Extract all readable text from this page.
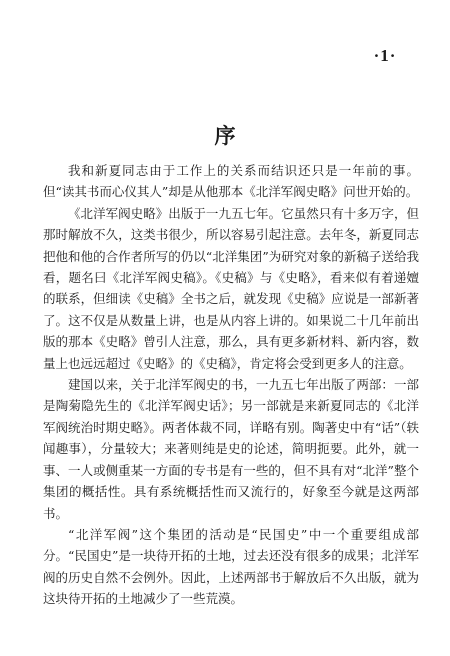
·1·
序

我和新夏同志由于工作上的关系而结识还只是一年前的事。但“读其书而心仪其人”却是从他那本《北洋军阀史略》问世开始的。

《北洋军阀史略》出版于一九五七年。它虽然只有十多万字，但那时解放不久，这类书很少，所以容易引起注意。去年冬，新夏同志把他和他的合作者所写的仍以“北洋集团”为研究对象的新稿子送给我看，题名曰《北洋军阀史稿》。《史稿》与《史略》，看来似有着递嬗的联系，但细读《史稿》全书之后，就发现《史稿》应说是一部新著了。这不仅是从数量上讲，也是从内容上讲的。如果说二十几年前出版的那本《史略》曾引人注意，那么，具有更多新材料、新内容，数量上也远远超过《史略》的《史稿》，肯定将会受到更多人的注意。

建国以来，关于北洋军阀史的书，一九五七年出版了两部：一部是陶菊隐先生的《北洋军阀史话》；另一部就是来新夏同志的《北洋军阀统治时期史略》。两者体裁不同，详略有别。陶著史中有“话”（轶闻趣事），分量较大；来著则纯是史的论述，简明扼要。此外，就一事、一人或侧重某一方面的专书是有一些的，但不具有对“北洋”整个集团的概括性。具有系统概括性而又流行的，好象至今就是这两部书。

“北洋军阀”这个集团的活动是“民国史”中一个重要组成部分。“民国史”是一块待开拓的土地，过去还没有很多的成果；北洋军阀的历史自然不会例外。因此，上述两部书于解放后不久出版，就为这块待开拓的土地减少了一些荒漠。
